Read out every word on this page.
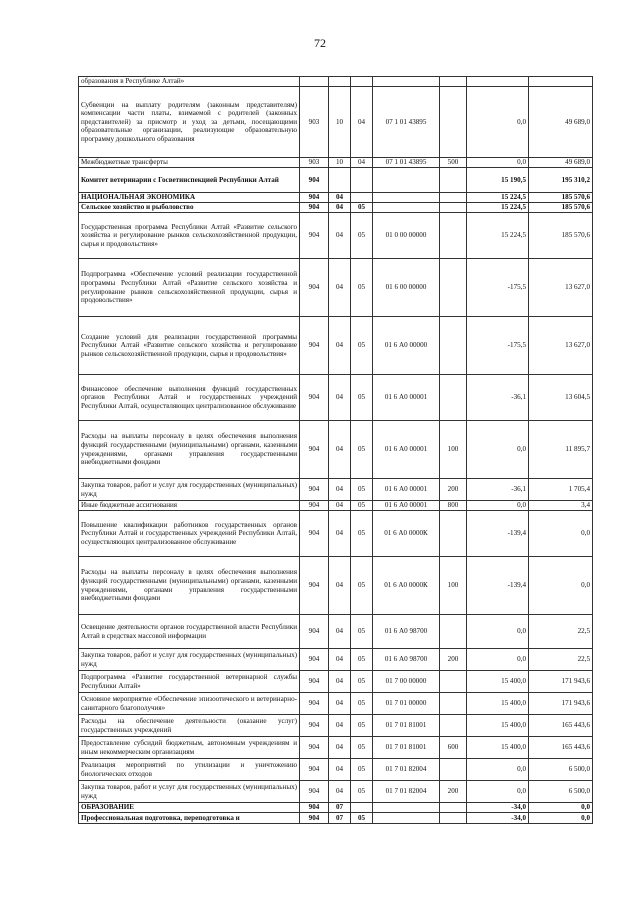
72
образования в Республике Алтай»							
Субвенции на выплату родителям (законным представителям) компенсации части платы, взимаемой с родителей (законных представителей) за присмотр и уход за детьми, посещающими образовательные организации, реализующие образовательную программу дошкольного образования	903	10	04	07 1 01 43895		0,0	49 689,0
Межбюджетные трансферты	903	10	04	07 1 01 43895	500	0,0	49 689,0
Комитет ветеринарии с Госветинспекцией Республики Алтай	904					15 190,5	195 310,2
НАЦИОНАЛЬНАЯ ЭКОНОМИКА	904	04				15 224,5	185 570,6
Сельское хозяйство и рыболовство	904	04	05			15 224,5	185 570,6
Государственная программа Республики Алтай «Развитие сельского хозяйства и регулирование рынков сельскохозяйственной продукции, сырья и продовольствия»	904	04	05	01 0 00 00000		15 224,5	185 570,6
Подпрограмма «Обеспечение условий реализации государственной программы Республики Алтай «Развитие сельского хозяйства и регулирование рынков сельскохозяйственной продукции, сырья и продовольствия»	904	04	05	01 6 00 00000		-175,5	13 627,0
Создание условий для реализации государственной программы Республики Алтай «Развитие сельского хозяйства и регулирование рынков сельскохозяйственной продукции, сырья и продовольствия»	904	04	05	01 6 А0 00000		-175,5	13 627,0
Финансовое обеспечение выполнения функций государственных органов Республики Алтай и государственных учреждений Республики Алтай, осуществляющих централизованное обслуживание	904	04	05	01 6 А0 00001		-36,1	13 604,5
Расходы на выплаты персоналу в целях обеспечения выполнения функций государственными (муниципальными) органами, казенными учреждениями, органами управления государственными внебюджетными фондами	904	04	05	01 6 А0 00001	100	0,0	11 895,7
Закупка товаров, работ и услуг для государственных (муниципальных) нужд	904	04	05	01 6 А0 00001	200	-36,1	1 705,4
Иные бюджетные ассигнования	904	04	05	01 6 А0 00001	800	0,0	3,4
Повышение квалификации работников государственных органов Республики Алтай и государственных учреждений Республики Алтай, осуществляющих централизованное обслуживание	904	04	05	01 6 А0 0000К		-139,4	0,0
Расходы на выплаты персоналу в целях обеспечения выполнения функций государственными (муниципальными) органами, казенными учреждениями, органами управления государственными внебюджетными фондами	904	04	05	01 6 А0 0000К	100	-139,4	0,0
Освещение деятельности органов государственной власти Республики Алтай в средствах массовой информации	904	04	05	01 6 А0 98700		0,0	22,5
Закупка товаров, работ и услуг для государственных (муниципальных) нужд	904	04	05	01 6 А0 98700	200	0,0	22,5
Подпрограмма «Развитие государственной ветеринарной службы Республики Алтай»	904	04	05	01 7 00 00000		15 400,0	171 943,6
Основное мероприятие «Обеспечение эпизоотического и ветеринарно-санитарного благополучия»	904	04	05	01 7 01 00000		15 400,0	171 943,6
Расходы на обеспечение деятельности (оказание услуг) государственных учреждений	904	04	05	01 7 01 81001		15 400,0	165 443,6
Предоставление субсидий бюджетным, автономным учреждениям и иным некоммерческим организациям	904	04	05	01 7 01 81001	600	15 400,0	165 443,6
Реализация мероприятий по утилизации и уничтожению биологических отходов	904	04	05	01 7 01 82004		0,0	6 500,0
Закупка товаров, работ и услуг для государственных (муниципальных) нужд	904	04	05	01 7 01 82004	200	0,0	6 500,0
ОБРАЗОВАНИЕ	904	07				-34,0	0,0
Профессиональная подготовка, переподготовка и	904	07	05			-34,0	0,0
